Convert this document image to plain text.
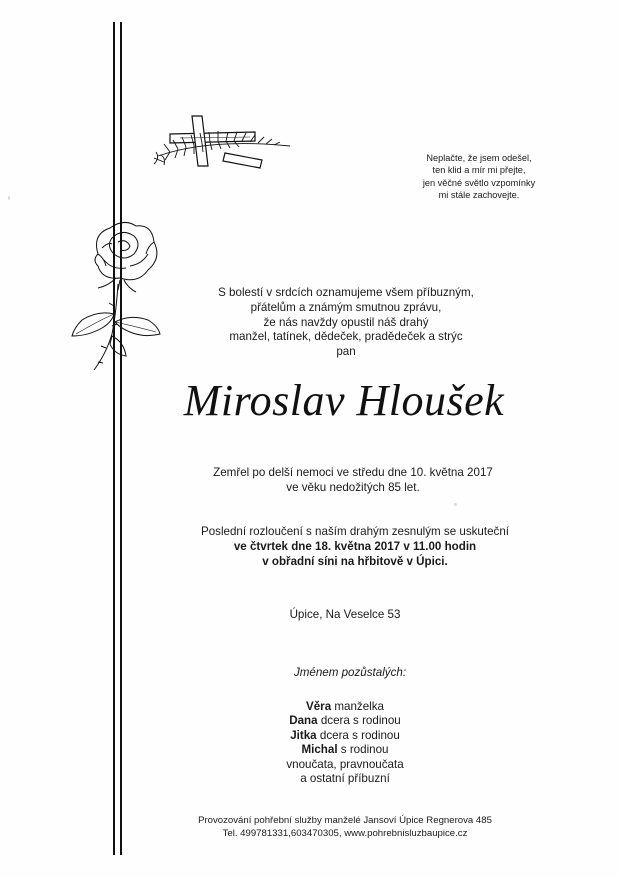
Neplačte, že jsem odešel,
ten klid a mír mi přejte,
jen věčné světlo vzpomínky
mi stále zachovejte.
S bolestí v srdcích oznamujeme všem příbuzným,
přátelům a známým smutnou zprávu,
že nás navždy opustil náš drahý
manžel, tatínek, dědeček, pradědeček a strýc
pan
Miroslav Hloušek
Zemřel po delší nemoci ve středu dne 10. května 2017
ve věku nedožitých 85 let.
Poslední rozloučení s naším drahým zesnulým se uskuteční
ve čtvrtek dne 18. května 2017 v 11.00 hodin
v obřadní síni na hřbitově v Úpici.
Úpice, Na Veselce 53
Jménem pozůstalých:
Věra manželka
Dana dcera s rodinou
Jitka dcera s rodinou
Michal s rodinou
vnoučata, pravnoučata
a ostatní příbuzní
Provozování pohřební služby manželé Jansoví Úpice Regnerova 485
Tel. 499781331,603470305, www.pohrebnisluzbaupice.cz
